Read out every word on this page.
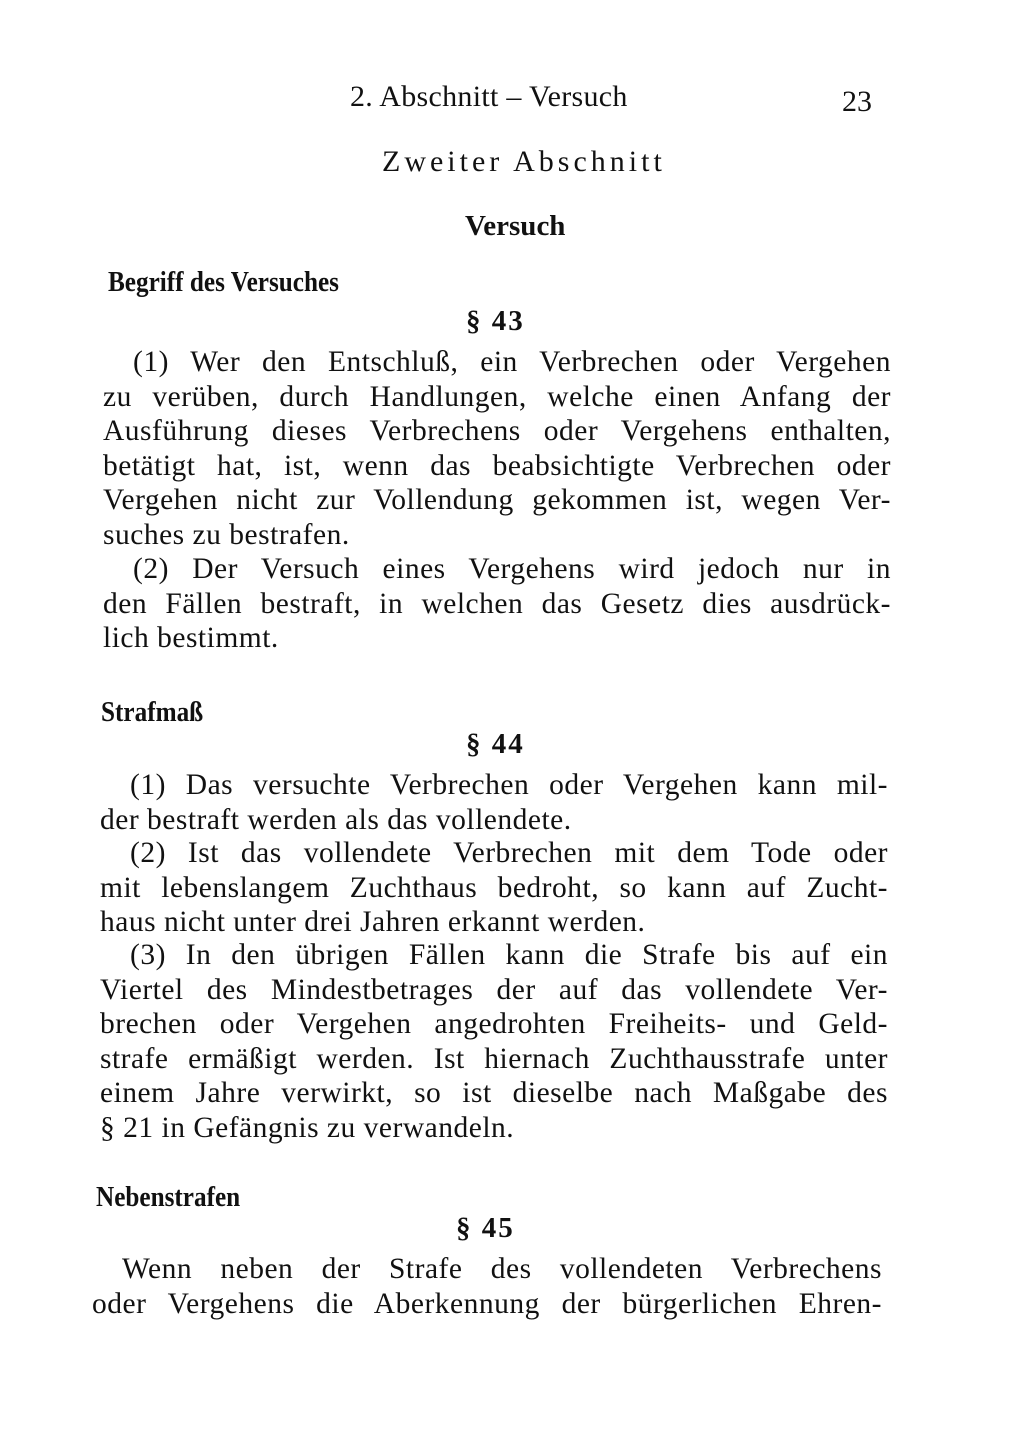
2. Abschnitt – Versuch	23
Zweiter Abschnitt
Versuch
Begriff des Versuches
§ 43
(1) Wer den Entschluß, ein Verbrechen oder Vergehen
zu verüben, durch Handlungen, welche einen Anfang der
Ausführung dieses Verbrechens oder Vergehens enthalten,
betätigt hat, ist, wenn das beabsichtigte Verbrechen oder
Vergehen nicht zur Vollendung gekommen ist, wegen Ver-
suches zu bestrafen.
(2) Der Versuch eines Vergehens wird jedoch nur in
den Fällen bestraft, in welchen das Gesetz dies ausdrück-
lich bestimmt.
Strafmaß
§ 44
(1) Das versuchte Verbrechen oder Vergehen kann mil-
der bestraft werden als das vollendete.
(2) Ist das vollendete Verbrechen mit dem Tode oder
mit lebenslangem Zuchthaus bedroht, so kann auf Zucht-
haus nicht unter drei Jahren erkannt werden.
(3) In den übrigen Fällen kann die Strafe bis auf ein
Viertel des Mindestbetrages der auf das vollendete Ver-
brechen oder Vergehen angedrohten Freiheits- und Geld-
strafe ermäßigt werden. Ist hiernach Zuchthausstrafe unter
einem Jahre verwirkt, so ist dieselbe nach Maßgabe des
§ 21 in Gefängnis zu verwandeln.
Nebenstrafen
§ 45
Wenn neben der Strafe des vollendeten Verbrechens
oder Vergehens die Aberkennung der bürgerlichen Ehren-
